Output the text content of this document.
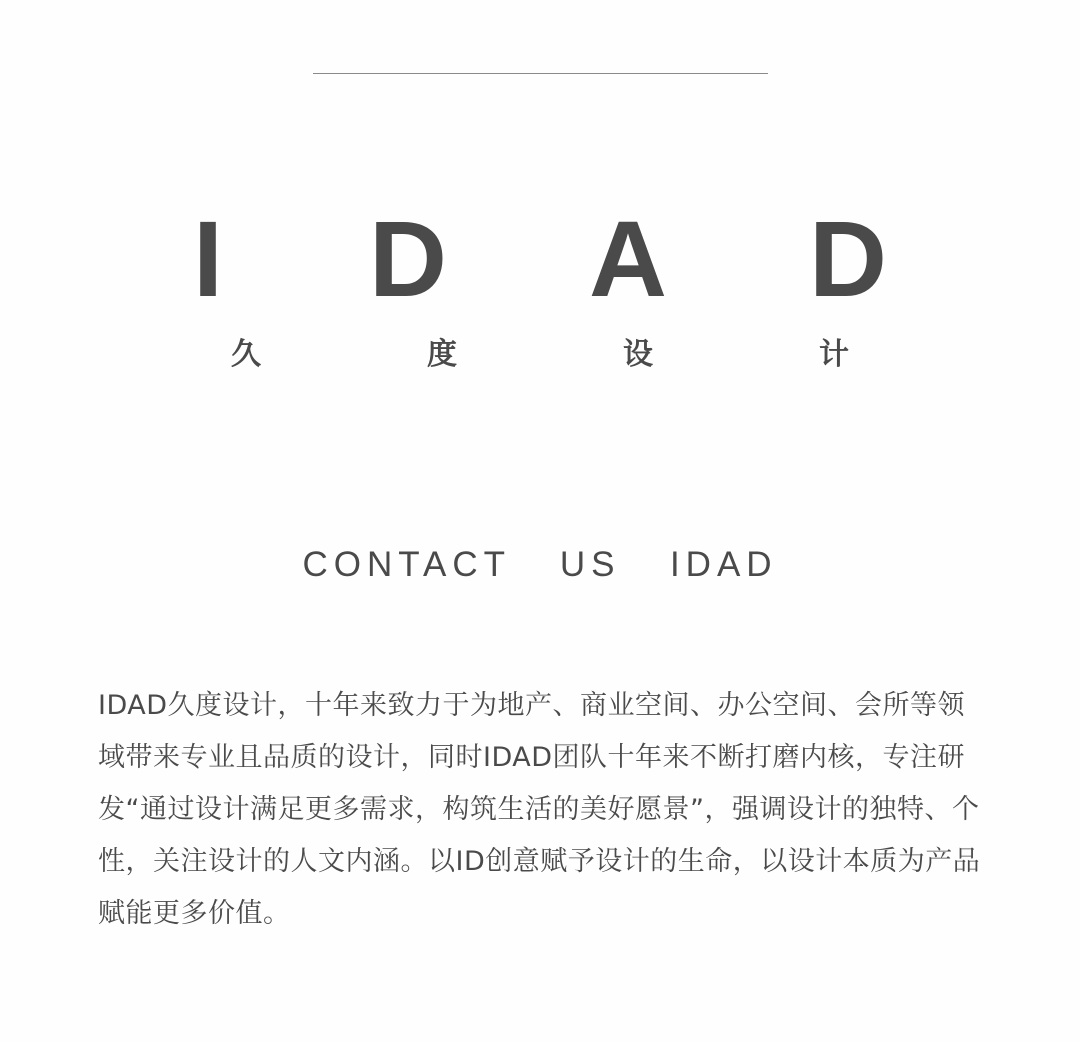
I D A D
久	度	设	计
CONTACT US IDAD
IDAD久度设计，十年来致力于为地产、商业空间、办公空间、会所等领域带来专业且品质的设计，同时IDAD团队十年来不断打磨内核，专注研发“通过设计满足更多需求，构筑生活的美好愿景”，强调设计的独特、个性，关注设计的人文内涵。以ID创意赋予设计的生命，以设计本质为产品赋能更多价值。
